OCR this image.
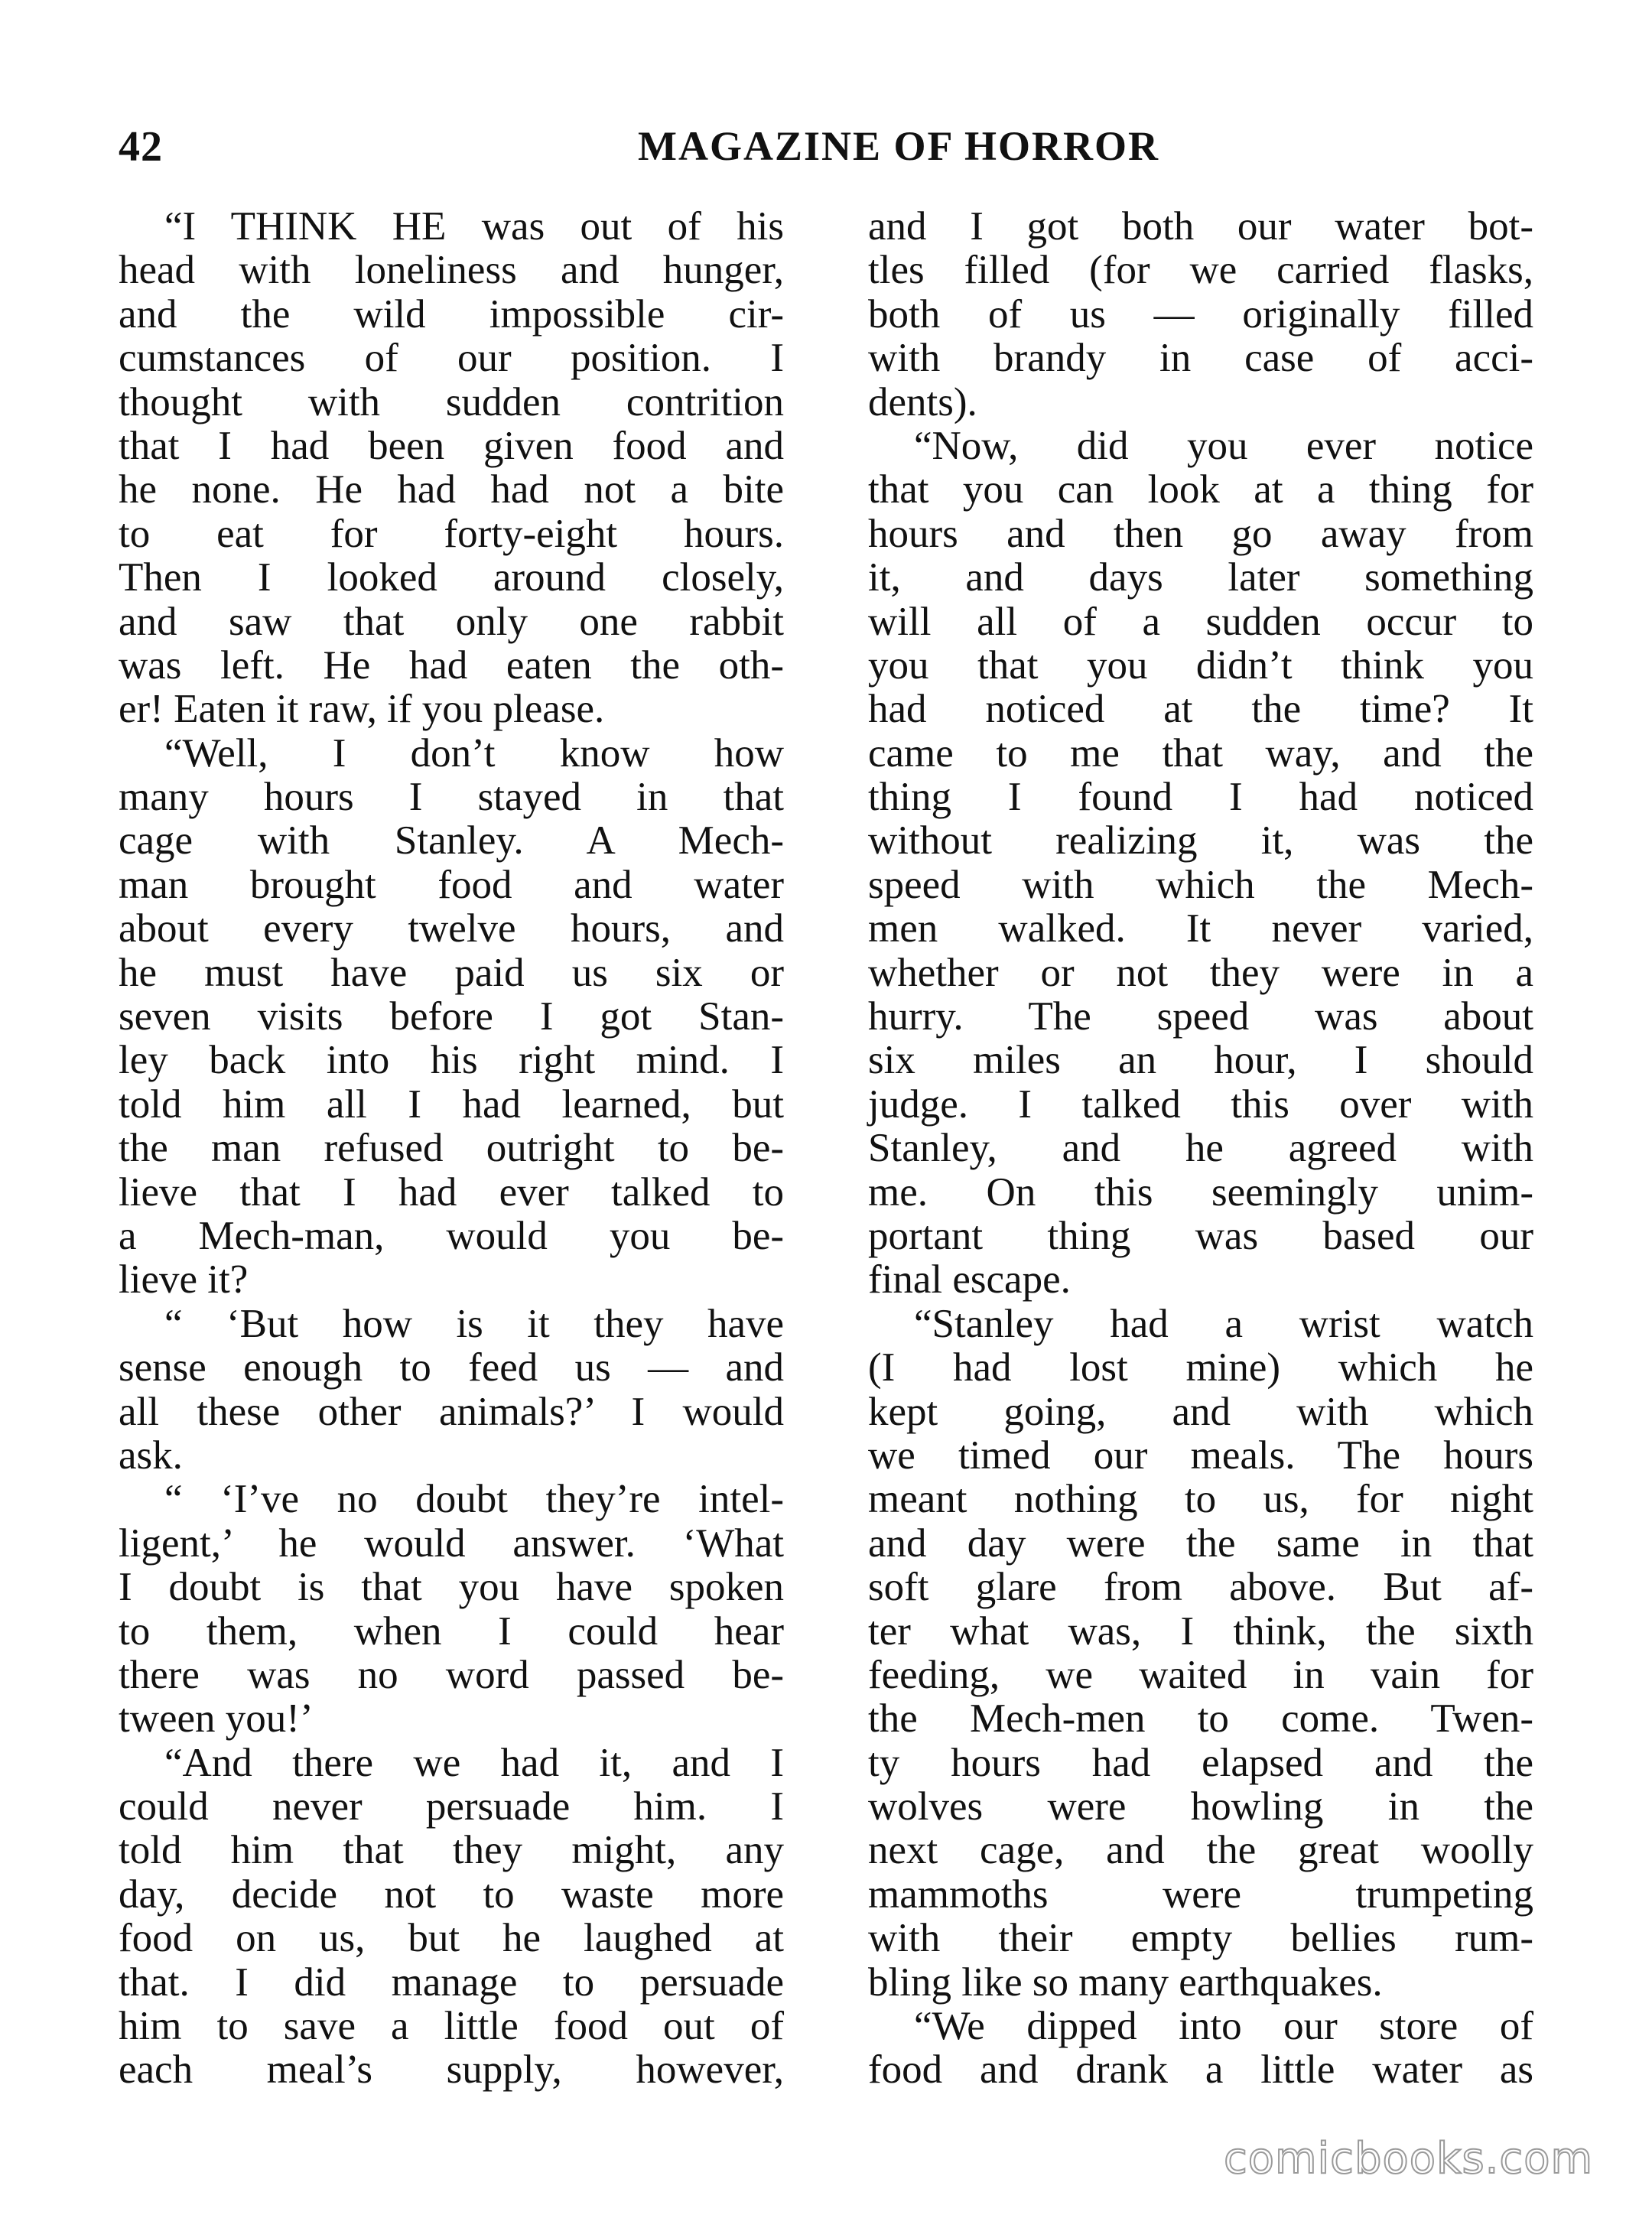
42	MAGAZINE OF HORROR
“I THINK HE was out of his
head with loneliness and hunger,
and the wild impossible cir-
cumstances of our position. I
thought with sudden contrition
that I had been given food and
he none. He had had not a bite
to eat for forty-eight hours.
Then I looked around closely,
and saw that only one rabbit
was left. He had eaten the oth-
er! Eaten it raw, if you please.
“Well, I don’t know how
many hours I stayed in that
cage with Stanley. A Mech-
man brought food and water
about every twelve hours, and
he must have paid us six or
seven visits before I got Stan-
ley back into his right mind. I
told him all I had learned, but
the man refused outright to be-
lieve that I had ever talked to
a Mech-man, would you be-
lieve it?
“ ‘But how is it they have
sense enough to feed us — and
all these other animals?’ I would
ask.
“ ‘I’ve no doubt they’re intel-
ligent,’ he would answer. ‘What
I doubt is that you have spoken
to them, when I could hear
there was no word passed be-
tween you!’
“And there we had it, and I
could never persuade him. I
told him that they might, any
day, decide not to waste more
food on us, but he laughed at
that. I did manage to persuade
him to save a little food out of
each meal’s supply, however,
and I got both our water bot-
tles filled (for we carried flasks,
both of us — originally filled
with brandy in case of acci-
dents).
“Now, did you ever notice
that you can look at a thing for
hours and then go away from
it, and days later something
will all of a sudden occur to
you that you didn’t think you
had noticed at the time? It
came to me that way, and the
thing I found I had noticed
without realizing it, was the
speed with which the Mech-
men walked. It never varied,
whether or not they were in a
hurry. The speed was about
six miles an hour, I should
judge. I talked this over with
Stanley, and he agreed with
me. On this seemingly unim-
portant thing was based our
final escape.
“Stanley had a wrist watch
(I had lost mine) which he
kept going, and with which
we timed our meals. The hours
meant nothing to us, for night
and day were the same in that
soft glare from above. But af-
ter what was, I think, the sixth
feeding, we waited in vain for
the Mech-men to come. Twen-
ty hours had elapsed and the
wolves were howling in the
next cage, and the great woolly
mammoths were trumpeting
with their empty bellies rum-
bling like so many earthquakes.
“We dipped into our store of
food and drank a little water as
comicbooks.com
